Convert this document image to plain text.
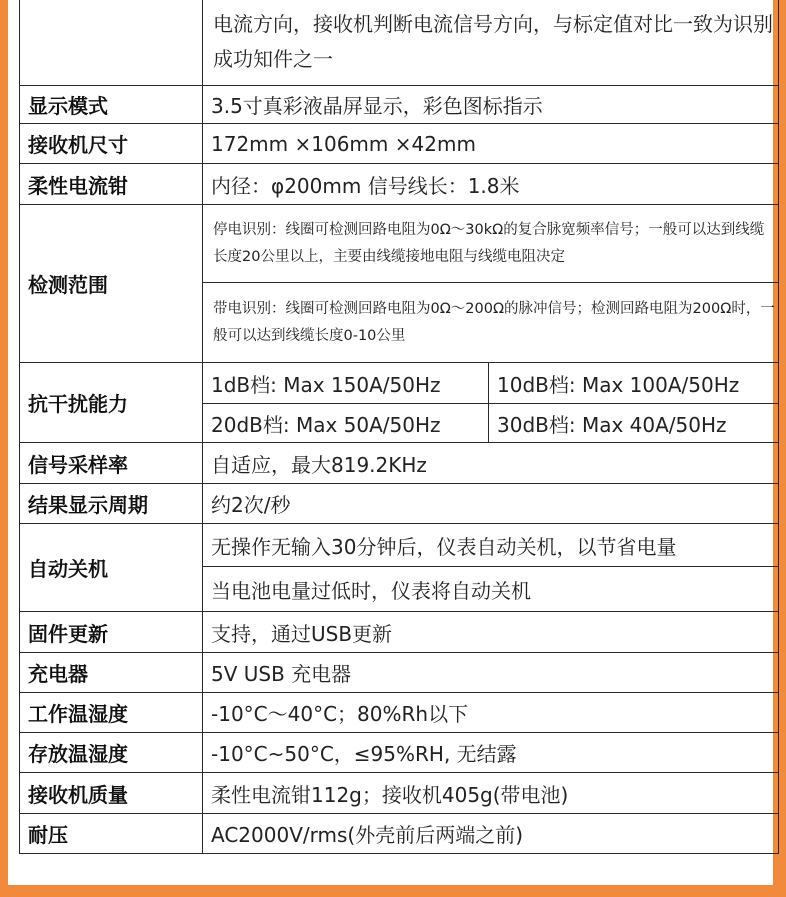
	电流方向，接收机判断电流信号方向，与标定值对比一致为识别成功知件之一	
显示模式	3.5寸真彩液晶屏显示，彩色图标指示	
接收机尺寸	172mm ×106mm ×42mm	
柔性电流钳	内径：φ200mm 信号线长：1.8米	
检测范围	停电识别：线圈可检测回路电阻为0Ω～30kΩ的复合脉宽频率信号；一般可以达到线缆长度20公里以上，主要由线缆接地电阻与线缆电阻决定	
	带电识别：线圈可检测回路电阻为0Ω～200Ω的脉冲信号；检测回路电阻为200Ω时，一般可以达到线缆长度0-10公里	
抗干扰能力	1dB档: Max 150A/50Hz	10dB档: Max 100A/50Hz
	20dB档: Max 50A/50Hz	30dB档: Max 40A/50Hz
信号采样率	自适应，最大819.2KHz	
结果显示周期	约2次/秒	
自动关机	无操作无输入30分钟后，仪表自动关机，以节省电量	
	当电池电量过低时，仪表将自动关机	
固件更新	支持，通过USB更新	
充电器	5V USB 充电器	
工作温湿度	-10°C～40°C；80%Rh以下	
存放温湿度	-10°C~50°C，≤95%RH, 无结露	
接收机质量	柔性电流钳112g；接收机405g(带电池)	
耐压	AC2000V/rms(外壳前后两端之前)	
